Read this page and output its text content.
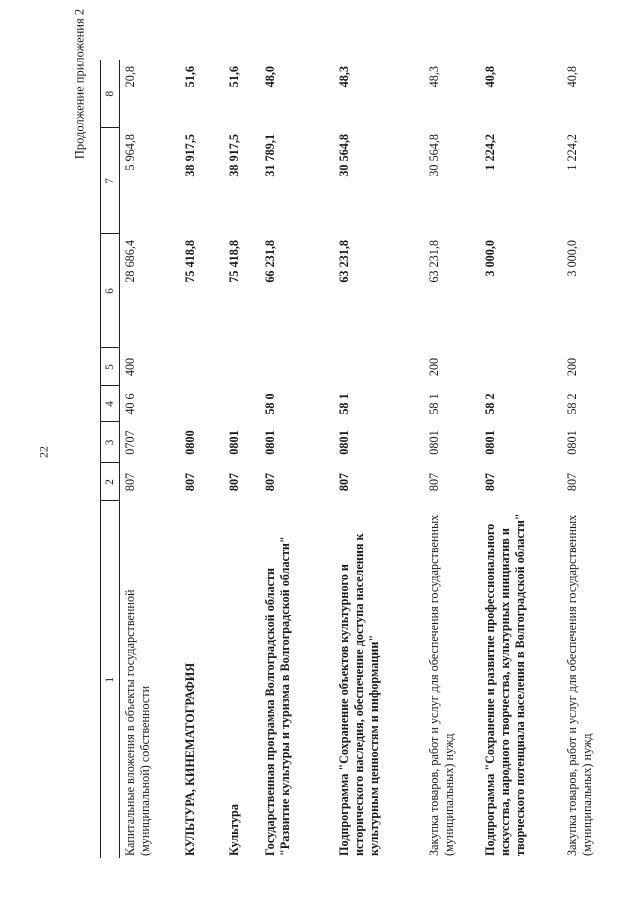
22
Продолжение приложения 2
1	2	3	4	5	6	7	8
Капитальные вложения в объекты государственной (муниципальной) собственности	807	0707	40 6	400	28 686,4	5 964,8	20,8
КУЛЬТУРА, КИНЕМАТОГРАФИЯ	807	0800			75 418,8	38 917,5	51,6
Культура	807	0801			75 418,8	38 917,5	51,6
Государственная программа Волгоградской области "Развитие культуры и туризма в Волгоградской области"	807	0801	58 0		66 231,8	31 789,1	48,0
Подпрограмма "Сохранение объектов культурного и исторического наследия, обеспечение доступа населения к культурным ценностям и информации"	807	0801	58 1		63 231,8	30 564,8	48,3
Закупка товаров, работ и услуг для обеспечения государственных (муниципальных) нужд	807	0801	58 1	200	63 231,8	30 564,8	48,3
Подпрограмма "Сохранение и развитие профессионального искусства, народного творчества, культурных инициатив и творческого потенциала населения в Волгоградской области"	807	0801	58 2		3 000,0	1 224,2	40,8
Закупка товаров, работ и услуг для обеспечения государственных (муниципальных) нужд	807	0801	58 2	200	3 000,0	1 224,2	40,8
